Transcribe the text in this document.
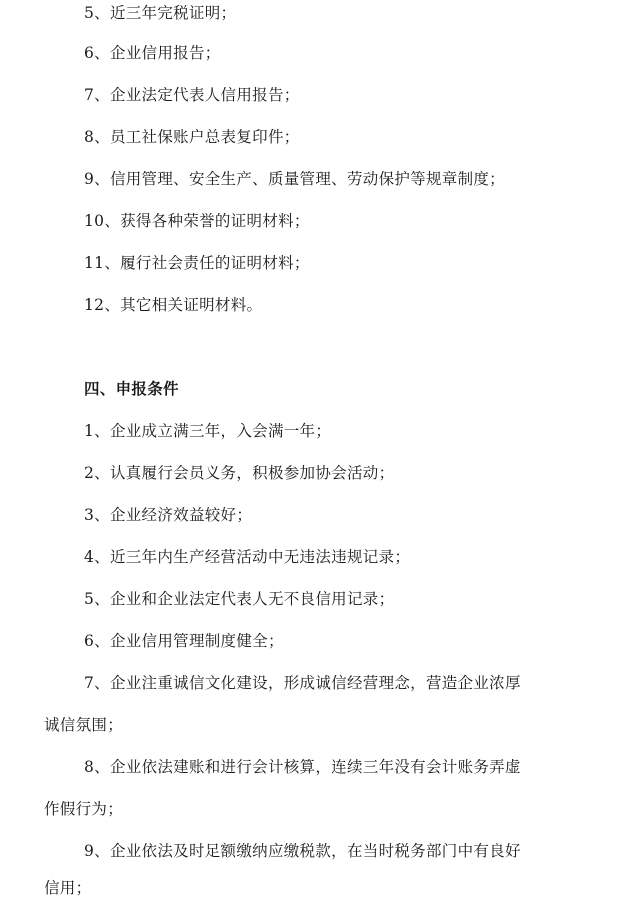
5、近三年完税证明；
6、企业信用报告；
7、企业法定代表人信用报告；
8、员工社保账户总表复印件；
9、信用管理、安全生产、质量管理、劳动保护等规章制度；
10、获得各种荣誉的证明材料；
11、履行社会责任的证明材料；
12、其它相关证明材料。
四、申报条件
1、企业成立满三年，入会满一年；
2、认真履行会员义务，积极参加协会活动；
3、企业经济效益较好；
4、近三年内生产经营活动中无违法违规记录；
5、企业和企业法定代表人无不良信用记录；
6、企业信用管理制度健全；
7、企业注重诚信文化建设，形成诚信经营理念，营造企业浓厚
诚信氛围；
8、企业依法建账和进行会计核算，连续三年没有会计账务弄虚
作假行为；
9、企业依法及时足额缴纳应缴税款，在当时税务部门中有良好
信用；
